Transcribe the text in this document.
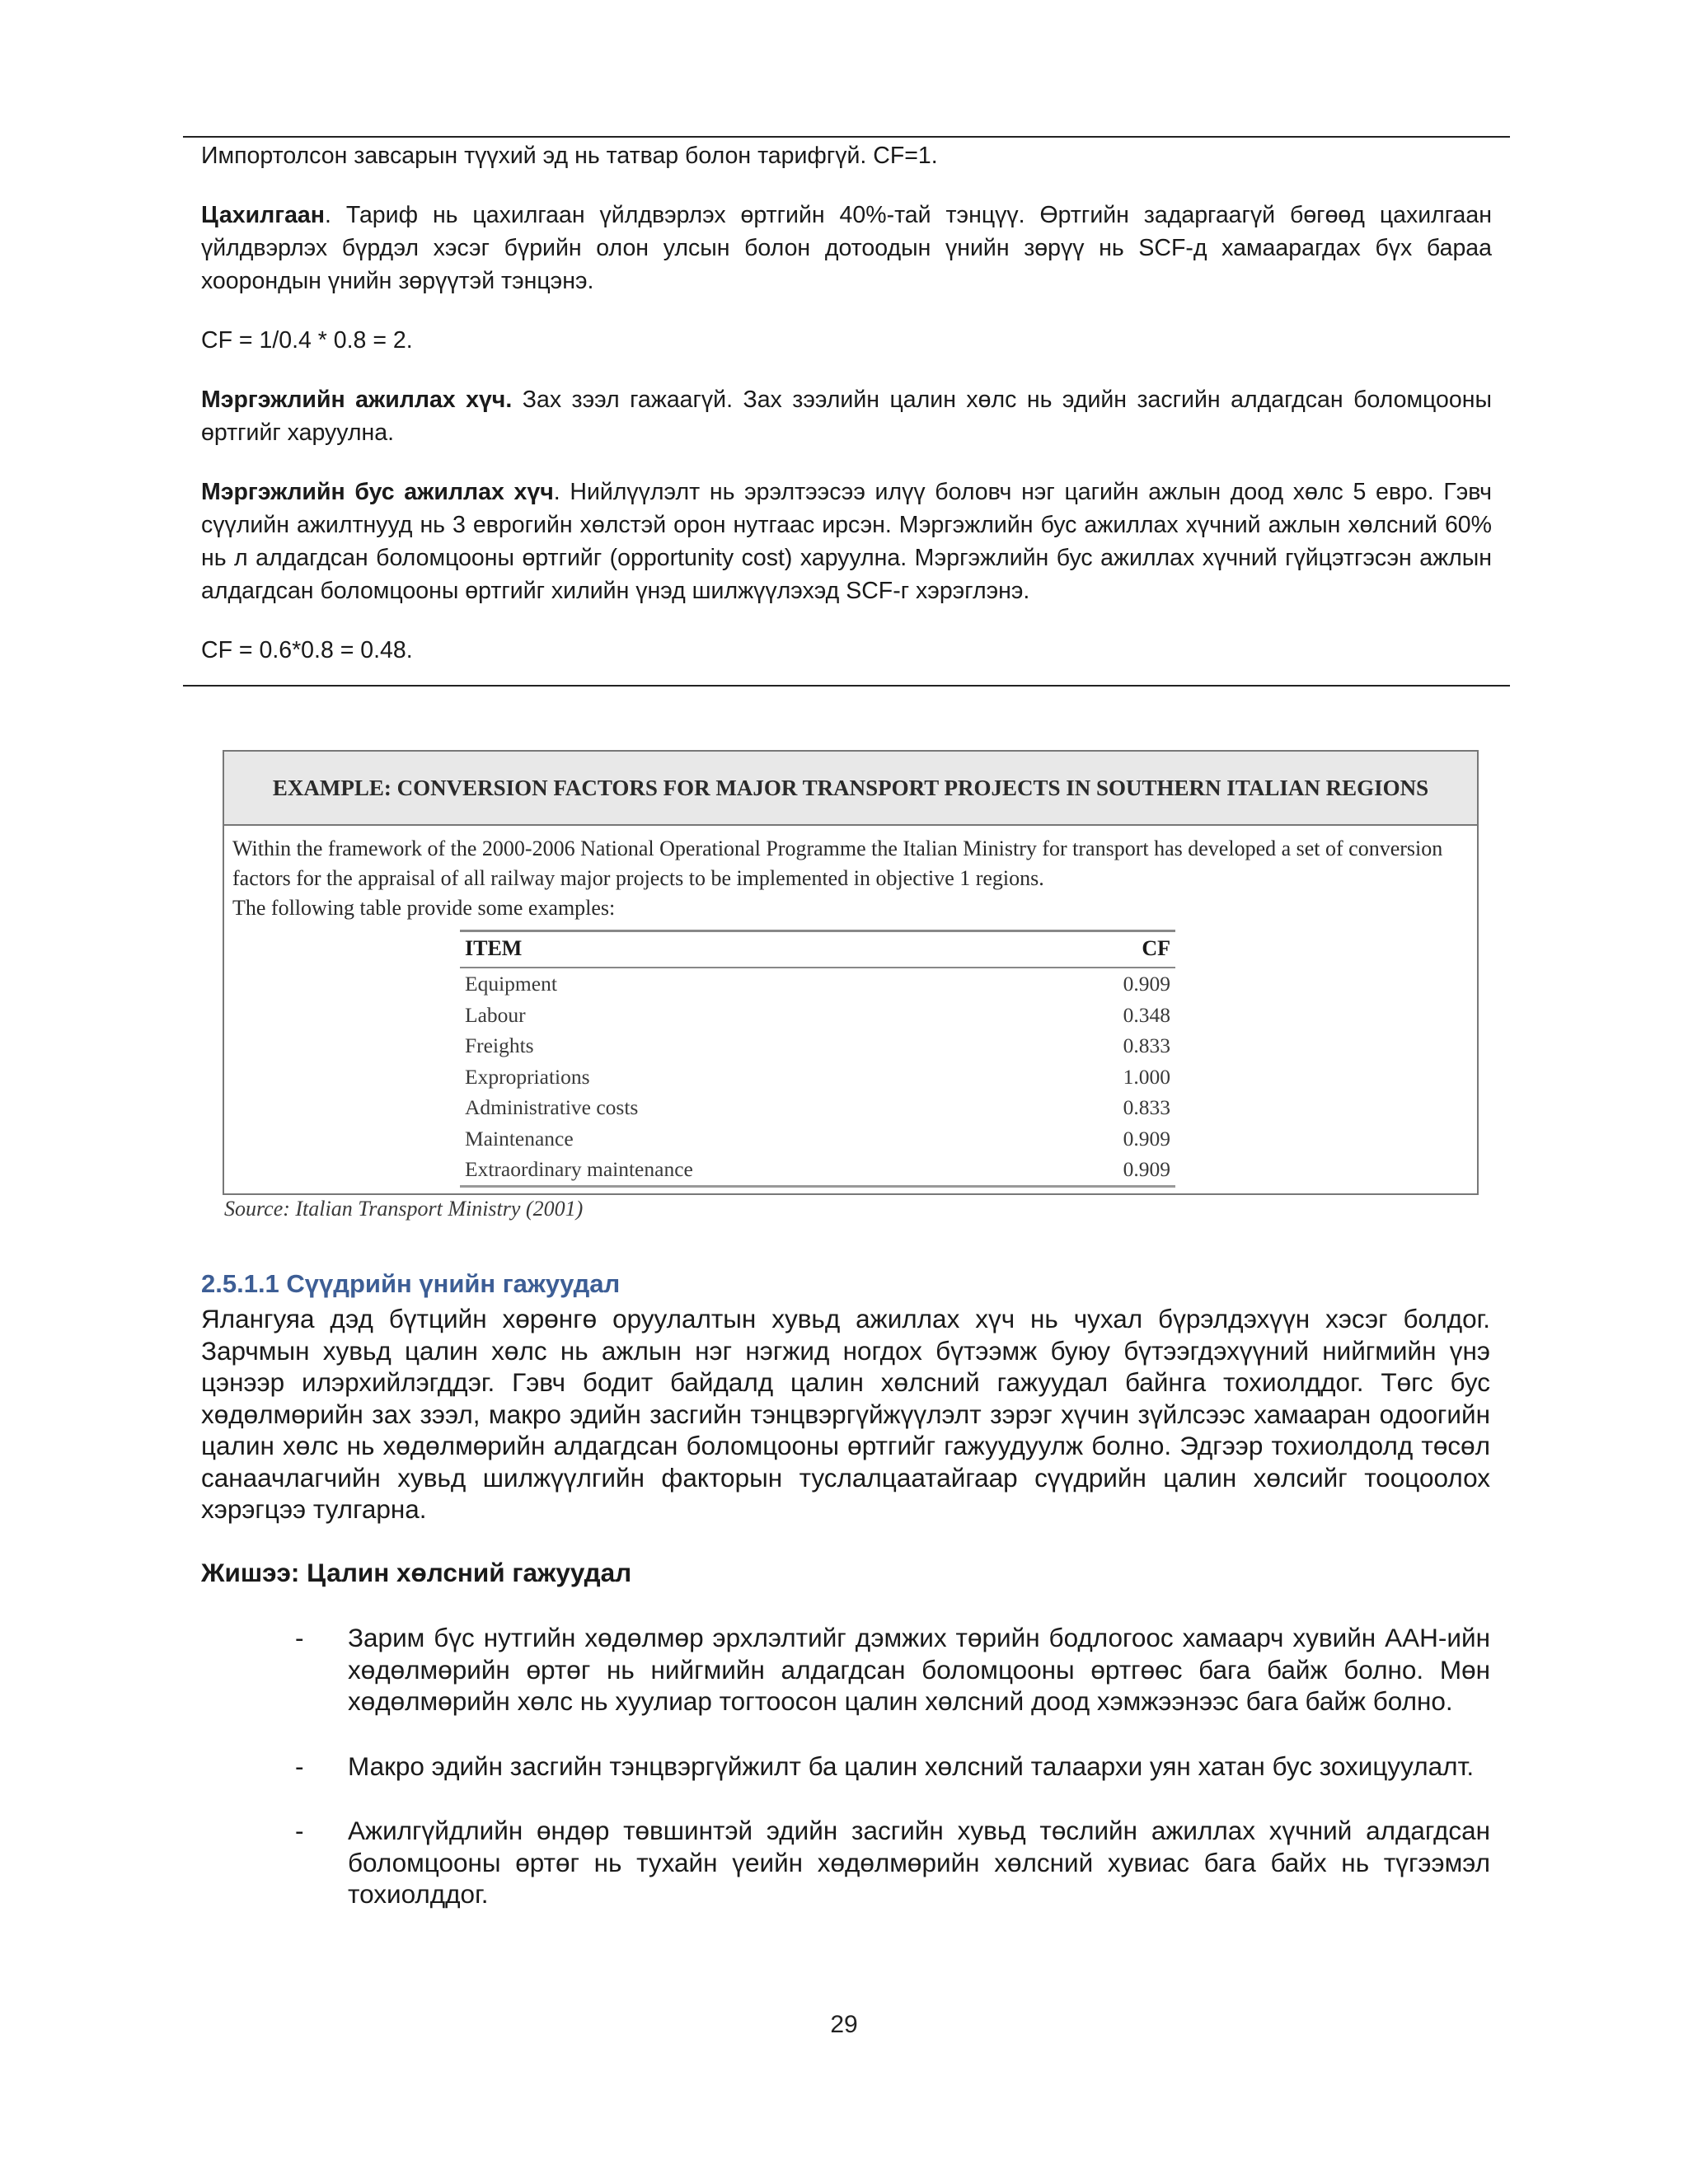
Импортолсон завсарын түүхий эд нь татвар болон тарифгүй. CF=1.

Цахилгаан. Тариф нь цахилгаан үйлдвэрлэх өртгийн 40%-тай тэнцүү. Өртгийн задаргаагүй бөгөөд цахилгаан үйлдвэрлэх бүрдэл хэсэг бүрийн олон улсын болон дотоодын үнийн зөрүү нь SCF-д хамаарагдах бүх бараа хоорондын үнийн зөрүүтэй тэнцэнэ.

CF = 1/0.4 * 0.8 = 2.

Мэргэжлийн ажиллах хүч. Зах зээл гажаагүй. Зах зээлийн цалин хөлс нь эдийн засгийн алдагдсан боломцооны өртгийг харуулна.

Мэргэжлийн бус ажиллах хүч. Нийлүүлэлт нь эрэлтээсээ илүү боловч нэг цагийн ажлын доод хөлс 5 евро. Гэвч сүүлийн ажилтнууд нь 3 еврогийн хөлстэй орон нутгаас ирсэн. Мэргэжлийн бус ажиллах хүчний ажлын хөлсний 60% нь л алдагдсан боломцооны өртгийг (opportunity cost) харуулна. Мэргэжлийн бус ажиллах хүчний гүйцэтгэсэн ажлын алдагдсан боломцооны өртгийг хилийн үнэд шилжүүлэхэд SCF-г хэрэглэнэ.

CF = 0.6*0.8 = 0.48.

EXAMPLE: CONVERSION FACTORS FOR MAJOR TRANSPORT PROJECTS IN SOUTHERN ITALIAN REGIONS

Within the framework of the 2000-2006 National Operational Programme the Italian Ministry for transport has developed a set of conversion factors for the appraisal of all railway major projects to be implemented in objective 1 regions.

The following table provide some examples:

ITEM	CF
Equipment	0.909
Labour	0.348
Freights	0.833
Expropriations	1.000
Administrative costs	0.833
Maintenance	0.909
Extraordinary maintenance	0.909
Source: Italian Transport Ministry (2001)
2.5.1.1 Сүүдрийн үнийн гажуудал

Ялангуяа дэд бүтцийн хөрөнгө оруулалтын хувьд ажиллах хүч нь чухал бүрэлдэхүүн хэсэг болдог. Зарчмын хувьд цалин хөлс нь ажлын нэг нэгжид ногдох бүтээмж буюу бүтээгдэхүүний нийгмийн үнэ цэнээр илэрхийлэгддэг. Гэвч бодит байдалд цалин хөлсний гажуудал байнга тохиолддог. Төгс бус хөдөлмөрийн зах зээл, макро эдийн засгийн тэнцвэргүйжүүлэлт зэрэг хүчин зүйлсээс хамааран одоогийн цалин хөлс нь хөдөлмөрийн алдагдсан боломцооны өртгийг гажуудуулж болно. Эдгээр тохиолдолд төсөл санаачлагчийн хувьд шилжүүлгийн факторын туслалцаатайгаар сүүдрийн цалин хөлсийг тооцоолох хэрэгцээ тулгарна.

Жишээ: Цалин хөлсний гажуудал

- Зарим бүс нутгийн хөдөлмөр эрхлэлтийг дэмжих төрийн бодлогоос хамаарч хувийн ААН-ийн хөдөлмөрийн өртөг нь нийгмийн алдагдсан боломцооны өртгөөс бага байж болно. Мөн хөдөлмөрийн хөлс нь хуулиар тогтоосон цалин хөлсний доод хэмжээнээс бага байж болно.
- Макро эдийн засгийн тэнцвэргүйжилт ба цалин хөлсний талаархи уян хатан бус зохицуулалт.
- Ажилгүйдлийн өндөр төвшинтэй эдийн засгийн хувьд төслийн ажиллах хүчний алдагдсан боломцооны өртөг нь тухайн үеийн хөдөлмөрийн хөлсний хувиас бага байх нь түгээмэл тохиолддог.
29
